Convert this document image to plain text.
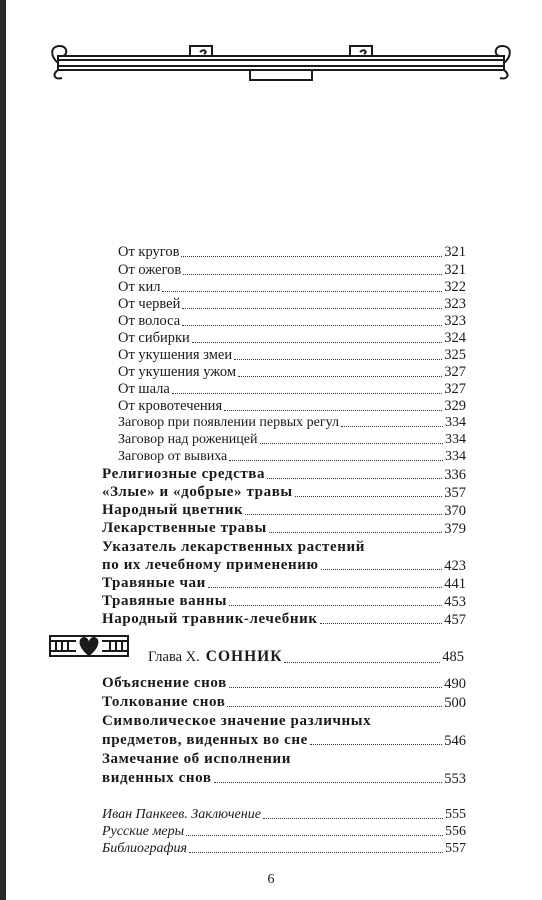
От кругов	321
От ожегов	321
От кил	322
От червей	323
От волоса	323
От сибирки	324
От укушения змеи	325
От укушения ужом	327
От шала	327
От кровотечения	329
Заговор при появлении первых регул	334
Заговор над роженицей	334
Заговор от вывиха	334
Религиозные средства	336
«Злые» и «добрые» травы	357
Народный цветник	370
Лекарственные травы	379
Указатель лекарственных растений
по их лечебному применению	423
Травяные чаи	441
Травяные ванны	453
Народный травник-лечебник	457
Глава X. СОННИК	485
Объяснение снов	490
Толкование снов	500
Символическое значение различных
предметов, виденных во сне	546
Замечание об исполнении
виденных снов	553
Иван Панкеев. Заключение	555
Русские меры	556
Библиография	557
6
